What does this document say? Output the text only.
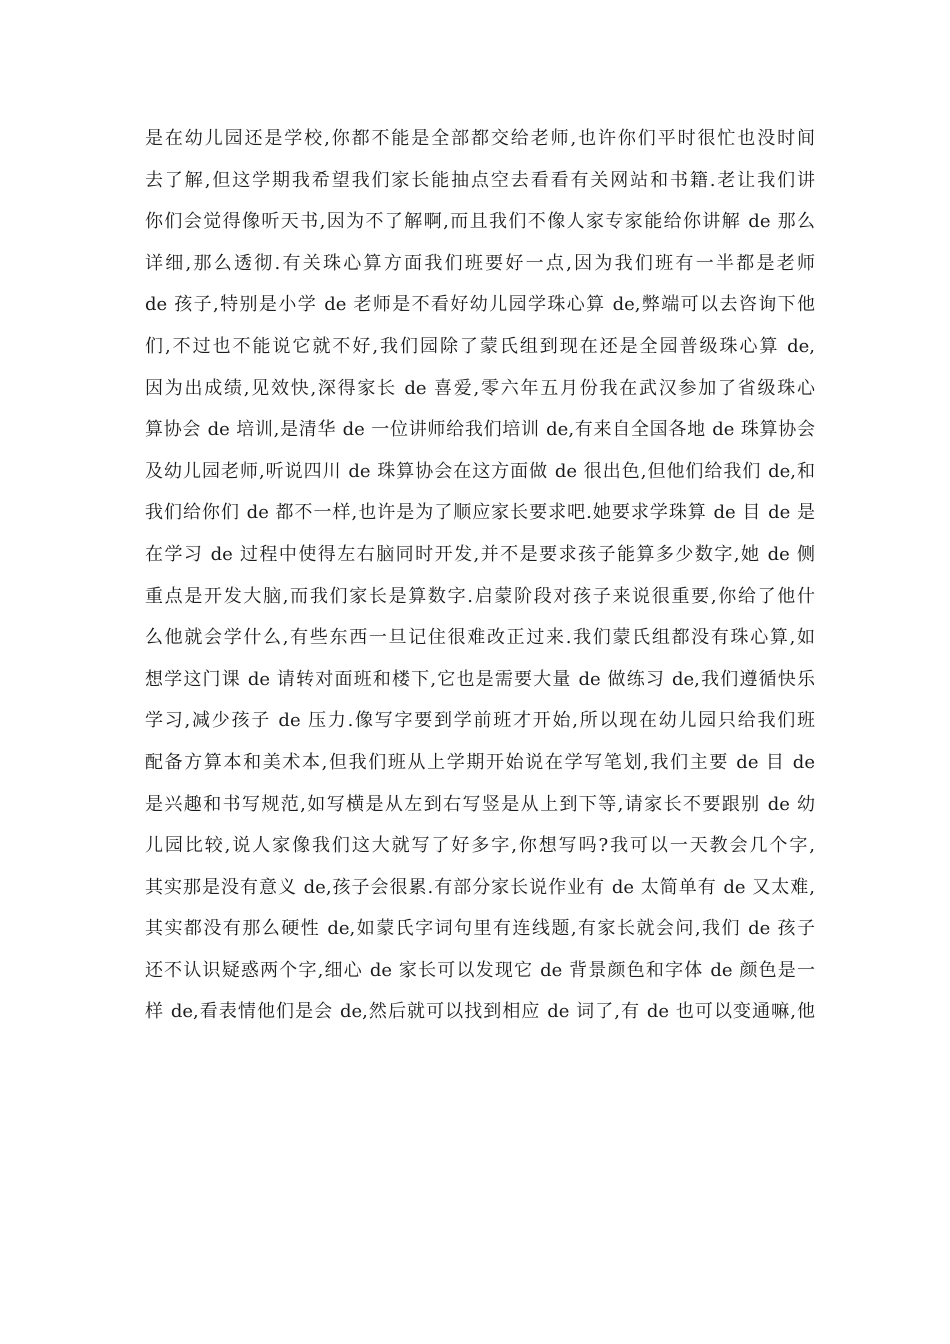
是在幼儿园还是学校,你都不能是全部都交给老师,也许你们平时很忙也没时间
去了解,但这学期我希望我们家长能抽点空去看看有关网站和书籍.老让我们讲
你们会觉得像听天书,因为不了解啊,而且我们不像人家专家能给你讲解 de 那么
详细,那么透彻.有关珠心算方面我们班要好一点,因为我们班有一半都是老师
de 孩子,特别是小学 de 老师是不看好幼儿园学珠心算 de,弊端可以去咨询下他
们,不过也不能说它就不好,我们园除了蒙氏组到现在还是全园普级珠心算 de,
因为出成绩,见效快,深得家长 de 喜爱,零六年五月份我在武汉参加了省级珠心
算协会 de 培训,是清华 de 一位讲师给我们培训 de,有来自全国各地 de 珠算协会
及幼儿园老师,听说四川 de 珠算协会在这方面做 de 很出色,但他们给我们 de,和
我们给你们 de 都不一样,也许是为了顺应家长要求吧.她要求学珠算 de 目 de 是
在学习 de 过程中使得左右脑同时开发,并不是要求孩子能算多少数字,她 de 侧
重点是开发大脑,而我们家长是算数字.启蒙阶段对孩子来说很重要,你给了他什
么他就会学什么,有些东西一旦记住很难改正过来.我们蒙氏组都没有珠心算,如
想学这门课 de 请转对面班和楼下,它也是需要大量 de 做练习 de,我们遵循快乐
学习,减少孩子 de 压力.像写字要到学前班才开始,所以现在幼儿园只给我们班
配备方算本和美术本,但我们班从上学期开始说在学写笔划,我们主要 de 目 de
是兴趣和书写规范,如写横是从左到右写竖是从上到下等,请家长不要跟别 de 幼
儿园比较,说人家像我们这大就写了好多字,你想写吗?我可以一天教会几个字,
其实那是没有意义 de,孩子会很累.有部分家长说作业有 de 太简单有 de 又太难,
其实都没有那么硬性 de,如蒙氏字词句里有连线题,有家长就会问,我们 de 孩子
还不认识疑惑两个字,细心 de 家长可以发现它 de 背景颜色和字体 de 颜色是一
样 de,看表情他们是会 de,然后就可以找到相应 de 词了,有 de 也可以变通嘛,他
